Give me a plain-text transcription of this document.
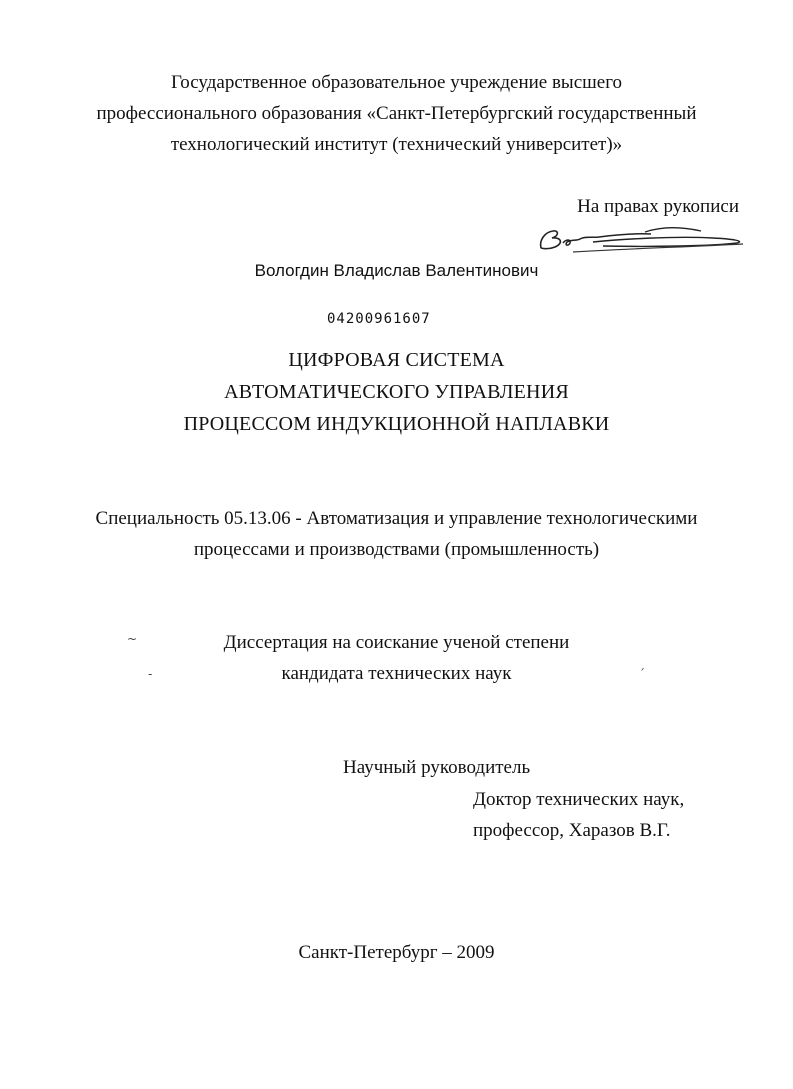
Государственное образовательное учреждение высшего
профессионального образования «Санкт-Петербургский государственный
технологический институт (технический университет)»
На правах рукописи
Вологдин Владислав Валентинович
04200961607
ЦИФРОВАЯ СИСТЕМА
АВТОМАТИЧЕСКОГО УПРАВЛЕНИЯ
ПРОЦЕССОМ ИНДУКЦИОННОЙ НАПЛАВКИ
Специальность 05.13.06 - Автоматизация и управление технологическими
процессами и производствами (промышленность)
~
-	´
Диссертация на соискание ученой степени
кандидата технических наук
Научный руководитель
Доктор технических наук,
профессор, Харазов В.Г.
Санкт-Петербург – 2009
